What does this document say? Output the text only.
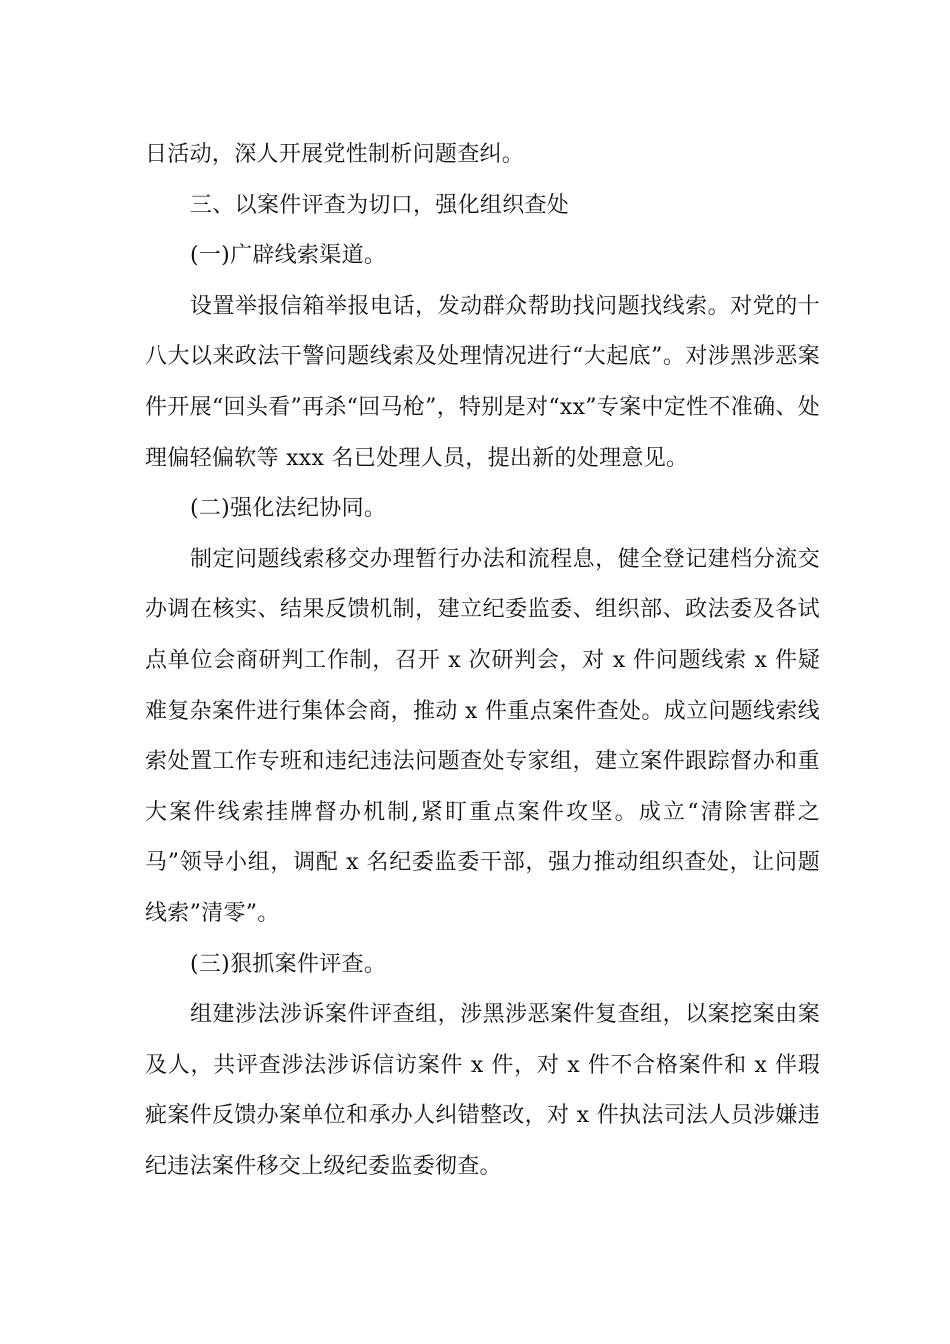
日活动，深人开展党性制析问题查纠。

三、以案件评查为切口，强化组织查处

(一)广辟线索渠道。

设置举报信箱举报电话，发动群众帮助找问题找线索。对党的十八大以来政法干警问题线索及处理情况进行“大起底”。对涉黑涉恶案件开展“回头看”再杀“回马枪”，特别是对“xx”专案中定性不准确、处理偏轻偏软等 xxx 名已处理人员，提出新的处理意见。

(二)强化法纪协同。

制定问题线索移交办理暂行办法和流程息，健全登记建档分流交办调在核实、结果反馈机制，建立纪委监委、组织部、政法委及各试点单位会商研判工作制，召开 x 次研判会，对 x 件问题线索 x 件疑难复杂案件进行集体会商，推动 x 件重点案件查处。成立问题线索线索处置工作专班和违纪违法问题查处专家组，建立案件跟踪督办和重大案件线索挂牌督办机制,紧盯重点案件攻坚。成立“清除害群之马”领导小组，调配 x 名纪委监委干部，强力推动组织查处，让问题线索”清零”。

(三)狠抓案件评查。

组建涉法涉诉案件评查组，涉黑涉恶案件复查组，以案挖案由案及人，共评查涉法涉诉信访案件 x 件，对 x 件不合格案件和 x 伴瑕疵案件反馈办案单位和承办人纠错整改，对 x 件执法司法人员涉嫌违纪违法案件移交上级纪委监委彻查。
